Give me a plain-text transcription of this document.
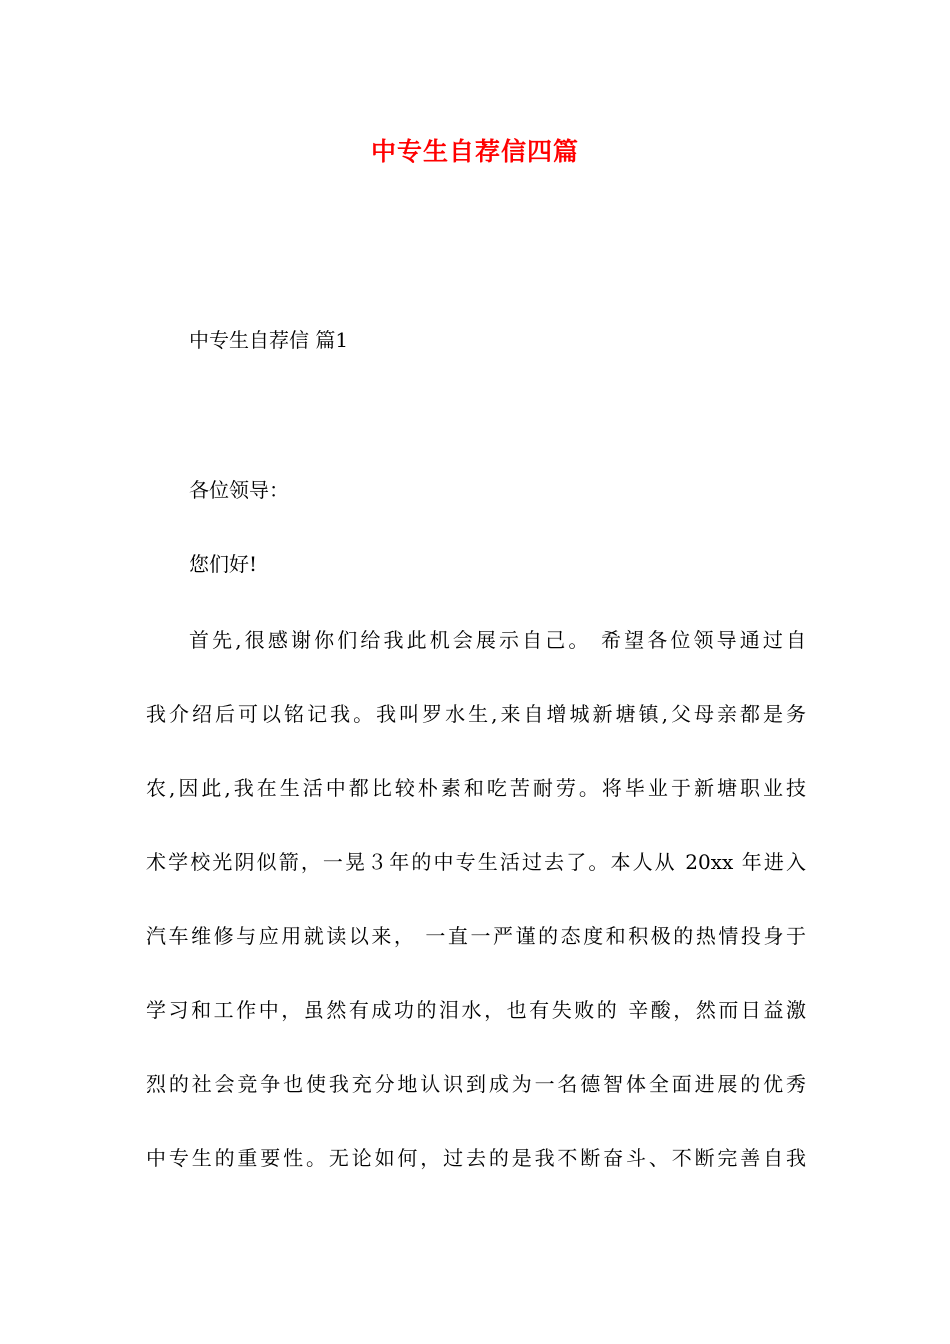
中专生自荐信四篇
中专生自荐信 篇1
各位领导：
您们好!
首先,很感谢你们给我此机会展示自己。 希望各位领导通过自
我介绍后可以铭记我。我叫罗水生,来自增城新塘镇,父母亲都是务
农,因此,我在生活中都比较朴素和吃苦耐劳。将毕业于新塘职业技
术学校光阴似箭，一晃３年的中专生活过去了。本人从 20xx 年进入
汽车维修与应用就读以来， 一直一严谨的态度和积极的热情投身于
学习和工作中，虽然有成功的泪水，也有失败的 辛酸，然而日益激
烈的社会竞争也使我充分地认识到成为一名德智体全面进展的优秀
中专生的重要性。无论如何，过去的是我不断奋斗、不断完善自我
